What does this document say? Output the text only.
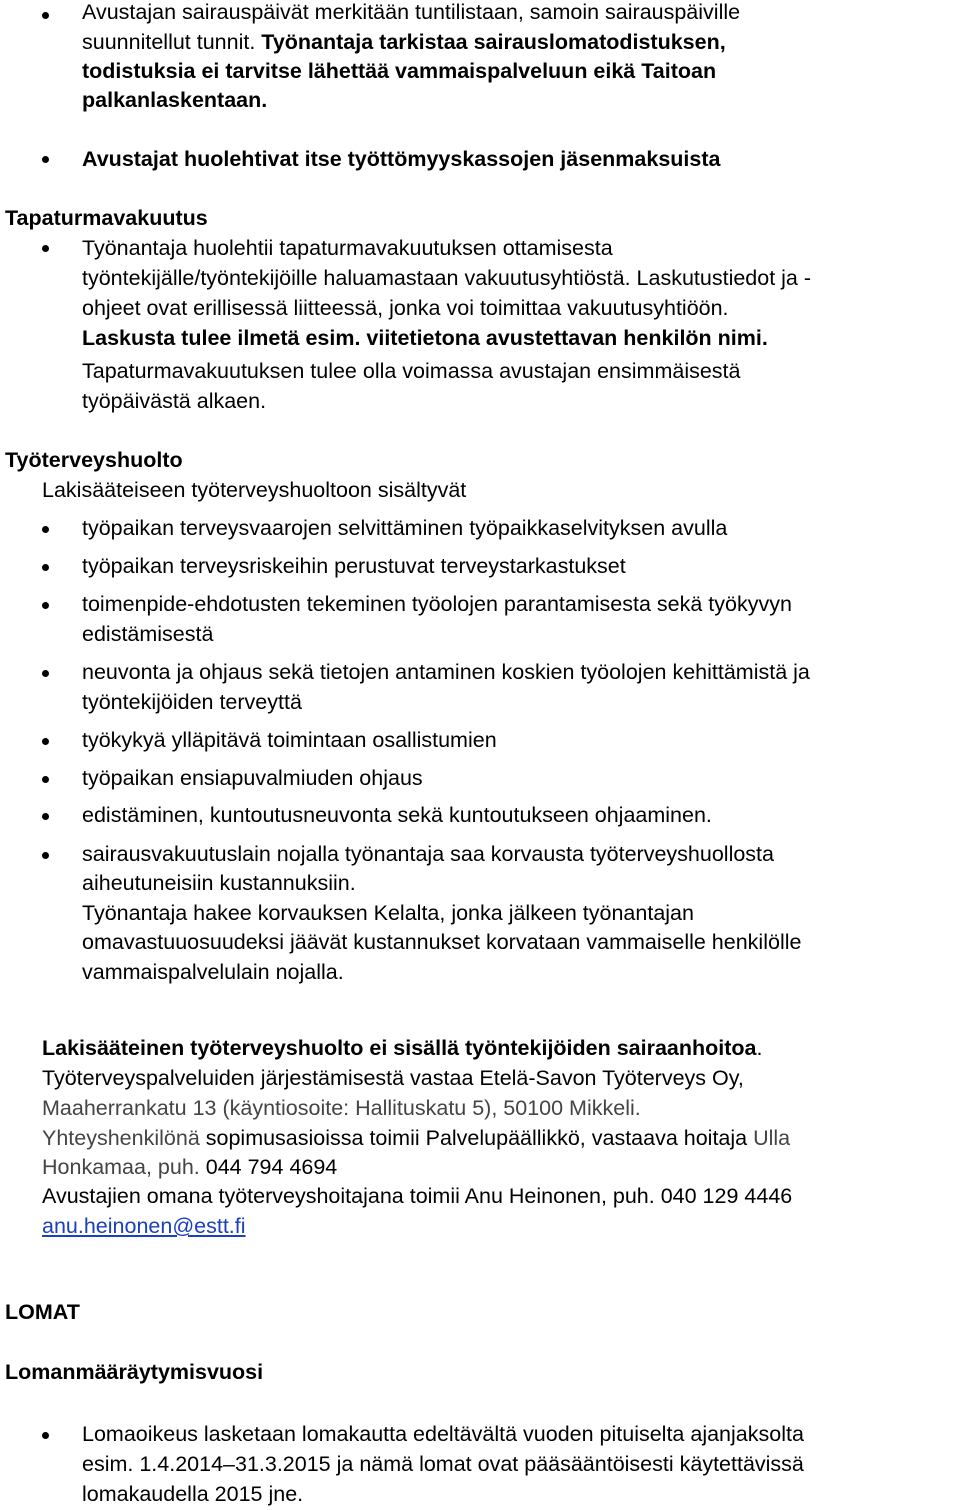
Avustajan sairauspäivät merkitään tuntilistaan, samoin sairauspäiville
suunnitellut tunnit. Työnantaja tarkistaa sairauslomatodistuksen,
todistuksia ei tarvitse lähettää vammaispalveluun eikä Taitoan
palkanlaskentaan.
Avustajat huolehtivat itse työttömyyskassojen jäsenmaksuista
Tapaturmavakuutus
Työnantaja huolehtii tapaturmavakuutuksen ottamisesta
työntekijälle/työntekijöille haluamastaan vakuutusyhtiöstä. Laskutustiedot ja -
ohjeet ovat erillisessä liitteessä, jonka voi toimittaa vakuutusyhtiöön.
Laskusta tulee ilmetä esim. viitetietona avustettavan henkilön nimi.
Tapaturmavakuutuksen tulee olla voimassa avustajan ensimmäisestä
työpäivästä alkaen.
Työterveyshuolto
Lakisääteiseen työterveyshuoltoon sisältyvät
työpaikan terveysvaarojen selvittäminen työpaikkaselvityksen avulla
työpaikan terveysriskeihin perustuvat terveystarkastukset
toimenpide-ehdotusten tekeminen työolojen parantamisesta sekä työkyvyn
edistämisestä
neuvonta ja ohjaus sekä tietojen antaminen koskien työolojen kehittämistä ja
työntekijöiden terveyttä
työkykyä ylläpitävä toimintaan osallistumien
työpaikan ensiapuvalmiuden ohjaus
edistäminen, kuntoutusneuvonta sekä kuntoutukseen ohjaaminen.
sairausvakuutuslain nojalla työnantaja saa korvausta työterveyshuollosta
aiheutuneisiin kustannuksiin.
Työnantaja hakee korvauksen Kelalta, jonka jälkeen työnantajan
omavastuuosuudeksi jäävät kustannukset korvataan vammaiselle henkilölle
vammaispalvelulain nojalla.
Lakisääteinen työterveyshuolto ei sisällä työntekijöiden sairaanhoitoa.
Työterveyspalveluiden järjestämisestä vastaa Etelä-Savon Työterveys Oy,
Maaherrankatu 13 (käyntiosoite: Hallituskatu 5), 50100 Mikkeli.
Yhteyshenkilönä sopimusasioissa toimii Palvelupäällikkö, vastaava hoitaja Ulla
Honkamaa, puh. 044 794 4694
Avustajien omana työterveyshoitajana toimii Anu Heinonen, puh. 040 129 4446
anu.heinonen@estt.fi
LOMAT
Lomanmääräytymisvuosi
Lomaoikeus lasketaan lomakautta edeltävältä vuoden pituiselta ajanjaksolta
esim. 1.4.2014–31.3.2015 ja nämä lomat ovat pääsääntöisesti käytettävissä
lomakaudella 2015 jne.
